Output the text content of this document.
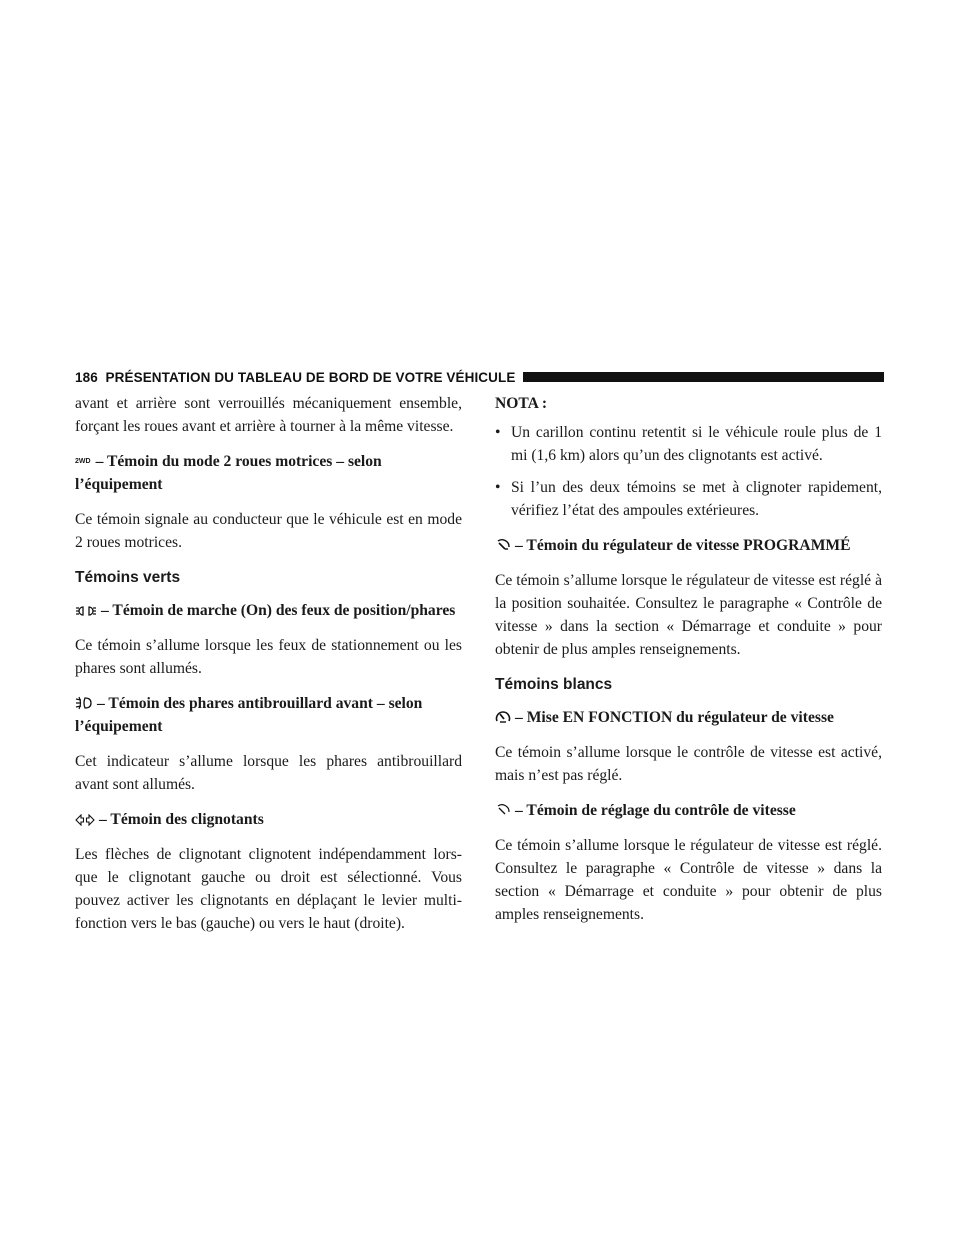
186 PRÉSENTATION DU TABLEAU DE BORD DE VOTRE VÉHICULE

avant et arrière sont verrouillés mécaniquement ensemble, forçant les roues avant et arrière à tourner à la même vitesse.

2WD – Témoin du mode 2 roues motrices – selon l’équipement

Ce témoin signale au conducteur que le véhicule est en mode 2 roues motrices.

Témoins verts
– Témoin de marche (On) des feux de position/phares

Ce témoin s’allume lorsque les feux de stationnement ou les phares sont allumés.

– Témoin des phares antibrouillard avant – selon l’équipement

Cet indicateur s’allume lorsque les phares antibrouillard avant sont allumés.

– Témoin des clignotants

Les flèches de clignotant clignotent indépendamment lors-que le clignotant gauche ou droit est sélectionné. Vous pouvez activer les clignotants en déplaçant le levier multi-fonction vers le bas (gauche) ou vers le haut (droite).

NOTA :
• Un carillon continu retentit si le véhicule roule plus de 1 mi (1,6 km) alors qu’un des clignotants est activé.
• Si l’un des deux témoins se met à clignoter rapidement, vérifiez l’état des ampoules extérieures.
– Témoin du régulateur de vitesse PROGRAMMÉ

Ce témoin s’allume lorsque le régulateur de vitesse est réglé à la position souhaitée. Consultez le paragraphe « Contrôle de vitesse » dans la section « Démarrage et conduite » pour obtenir de plus amples renseignements.

Témoins blancs
– Mise EN FONCTION du régulateur de vitesse

Ce témoin s’allume lorsque le contrôle de vitesse est activé, mais n’est pas réglé.

– Témoin de réglage du contrôle de vitesse

Ce témoin s’allume lorsque le régulateur de vitesse est réglé. Consultez le paragraphe « Contrôle de vitesse » dans la section « Démarrage et conduite » pour obtenir de plus amples renseignements.
